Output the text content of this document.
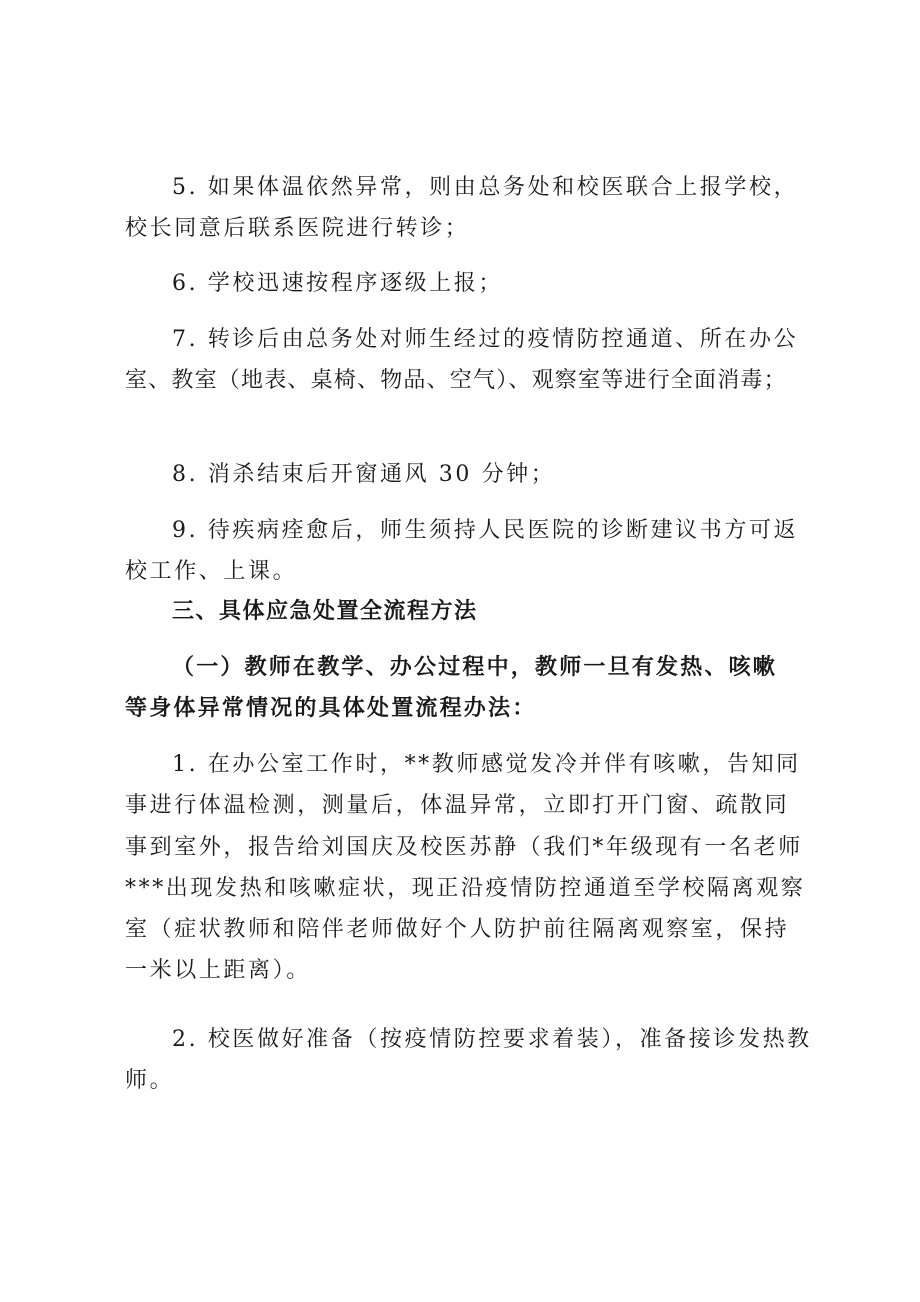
5. 如果体温依然异常，则由总务处和校医联合上报学校，
校长同意后联系医院进行转诊；
6. 学校迅速按程序逐级上报；
7. 转诊后由总务处对师生经过的疫情防控通道、所在办公
室、教室（地表、桌椅、物品、空气）、观察室等进行全面消毒；
8. 消杀结束后开窗通风 30 分钟；
9. 待疾病痊愈后，师生须持人民医院的诊断建议书方可返
校工作、上课。
三、具体应急处置全流程方法
（一）教师在教学、办公过程中，教师一旦有发热、咳嗽
等身体异常情况的具体处置流程办法：
1. 在办公室工作时，**教师感觉发冷并伴有咳嗽，告知同
事进行体温检测，测量后，体温异常，立即打开门窗、疏散同
事到室外，报告给刘国庆及校医苏静（我们*年级现有一名老师
***出现发热和咳嗽症状，现正沿疫情防控通道至学校隔离观察
室（症状教师和陪伴老师做好个人防护前往隔离观察室，保持
一米以上距离）。
2. 校医做好准备（按疫情防控要求着装），准备接诊发热教
师。
